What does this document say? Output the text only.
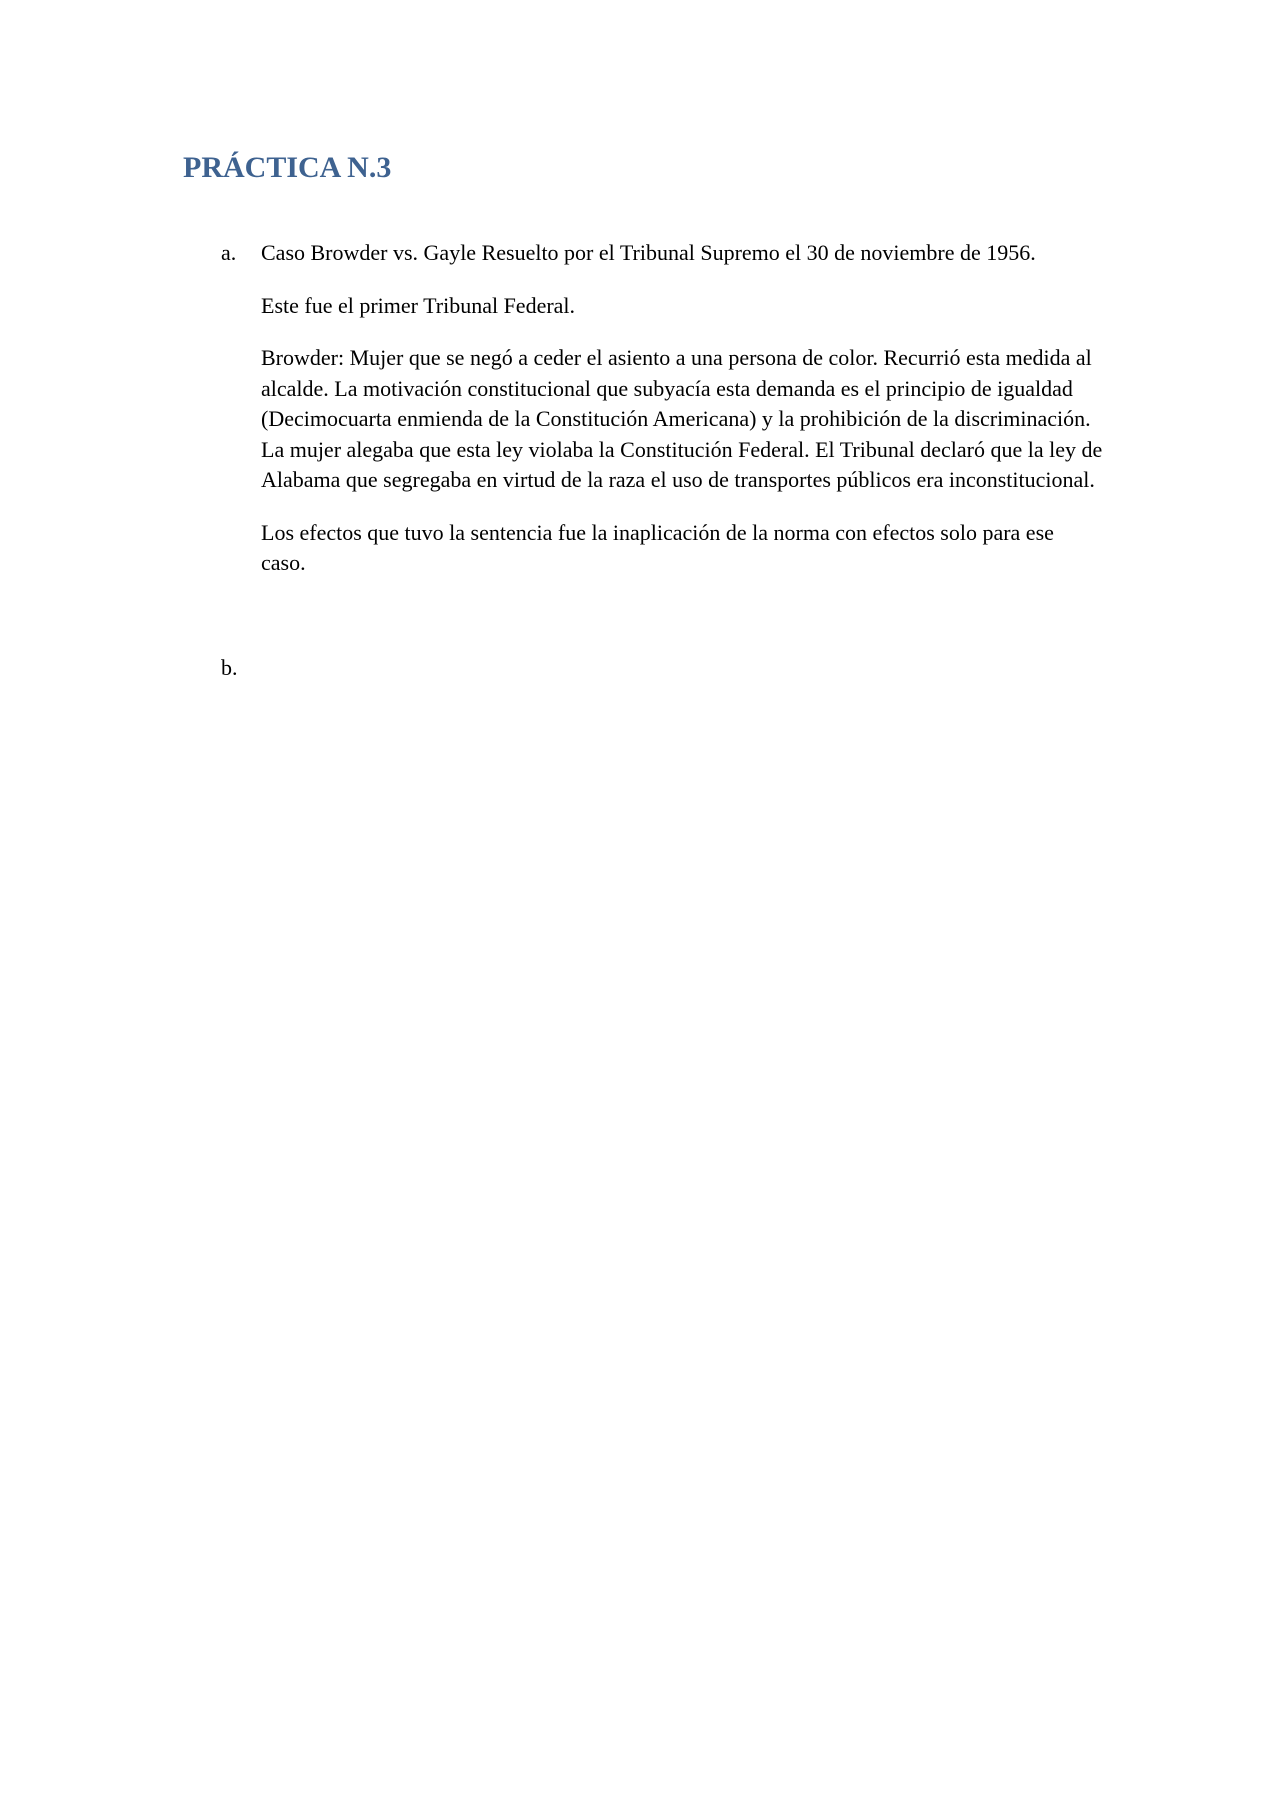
PRÁCTICA N.3
a. Caso Browder vs. Gayle Resuelto por el Tribunal Supremo el 30 de noviembre de 1956.

Este fue el primer Tribunal Federal.

Browder: Mujer que se negó a ceder el asiento a una persona de color. Recurrió esta medida al alcalde. La motivación constitucional que subyacía esta demanda es el principio de igualdad (Decimocuarta enmienda de la Constitución Americana) y la prohibición de la discriminación. La mujer alegaba que esta ley violaba la Constitución Federal. El Tribunal declaró que la ley de Alabama que segregaba en virtud de la raza el uso de transportes públicos era inconstitucional.

Los efectos que tuvo la sentencia fue la inaplicación de la norma con efectos solo para ese caso.

b.
